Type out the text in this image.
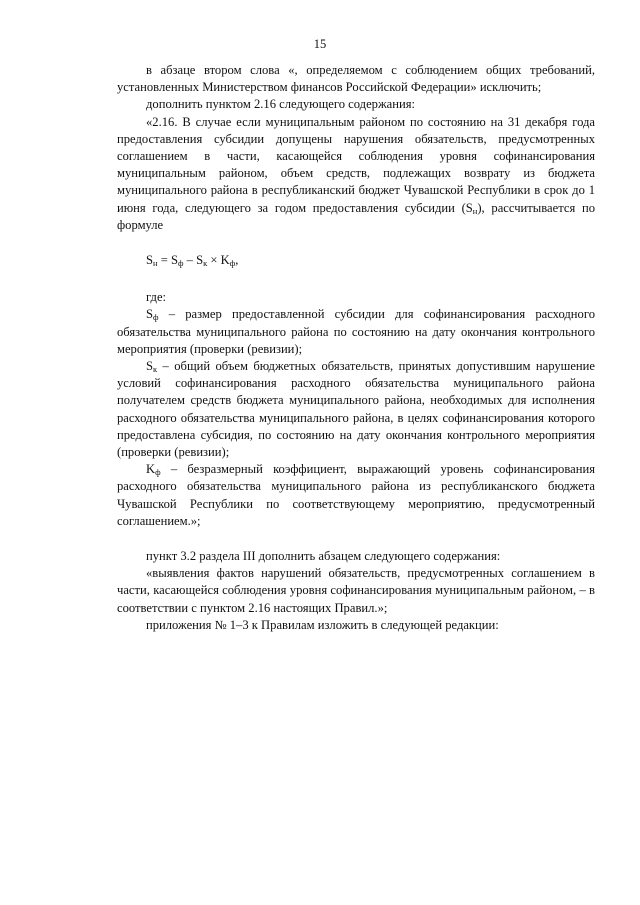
15

в абзаце втором слова «, определяемом с соблюдением общих требований, установленных Министерством финансов Российской Федерации» исключить;

дополнить пунктом 2.16 следующего содержания:

«2.16. В случае если муниципальным районом по состоянию на 31 декабря года предоставления субсидии допущены нарушения обязательств, предусмотренных соглашением в части, касающейся соблюдения уровня софинансирования муниципальным районом, объем средств, подлежащих возврату из бюджета муниципального района в республиканский бюджет Чувашской Республики в срок до 1 июня года, следующего за годом предоставления субсидии $(S_н)$, рассчитывается по формуле

$S_н = S_ф - S_к \times K_ф$,

где:

$S_ф$ – размер предоставленной субсидии для софинансирования расходного обязательства муниципального района по состоянию на дату окончания контрольного мероприятия (проверки (ревизии);

$S_к$ – общий объем бюджетных обязательств, принятых допустившим нарушение условий софинансирования расходного обязательства муниципального района получателем средств бюджета муниципального района, необходимых для исполнения расходного обязательства муниципального района, в целях софинансирования которого предоставлена субсидия, по состоянию на дату окончания контрольного мероприятия (проверки (ревизии);

$K_ф$ – безразмерный коэффициент, выражающий уровень софинансирования расходного обязательства муниципального района из республиканского бюджета Чувашской Республики по соответствующему мероприятию, предусмотренный соглашением.»;

пункт 3.2 раздела III дополнить абзацем следующего содержания:

«выявления фактов нарушений обязательств, предусмотренных соглашением в части, касающейся соблюдения уровня софинансирования муниципальным районом, – в соответствии с пунктом 2.16 настоящих Правил.»;

приложения № 1–3 к Правилам изложить в следующей редакции:
